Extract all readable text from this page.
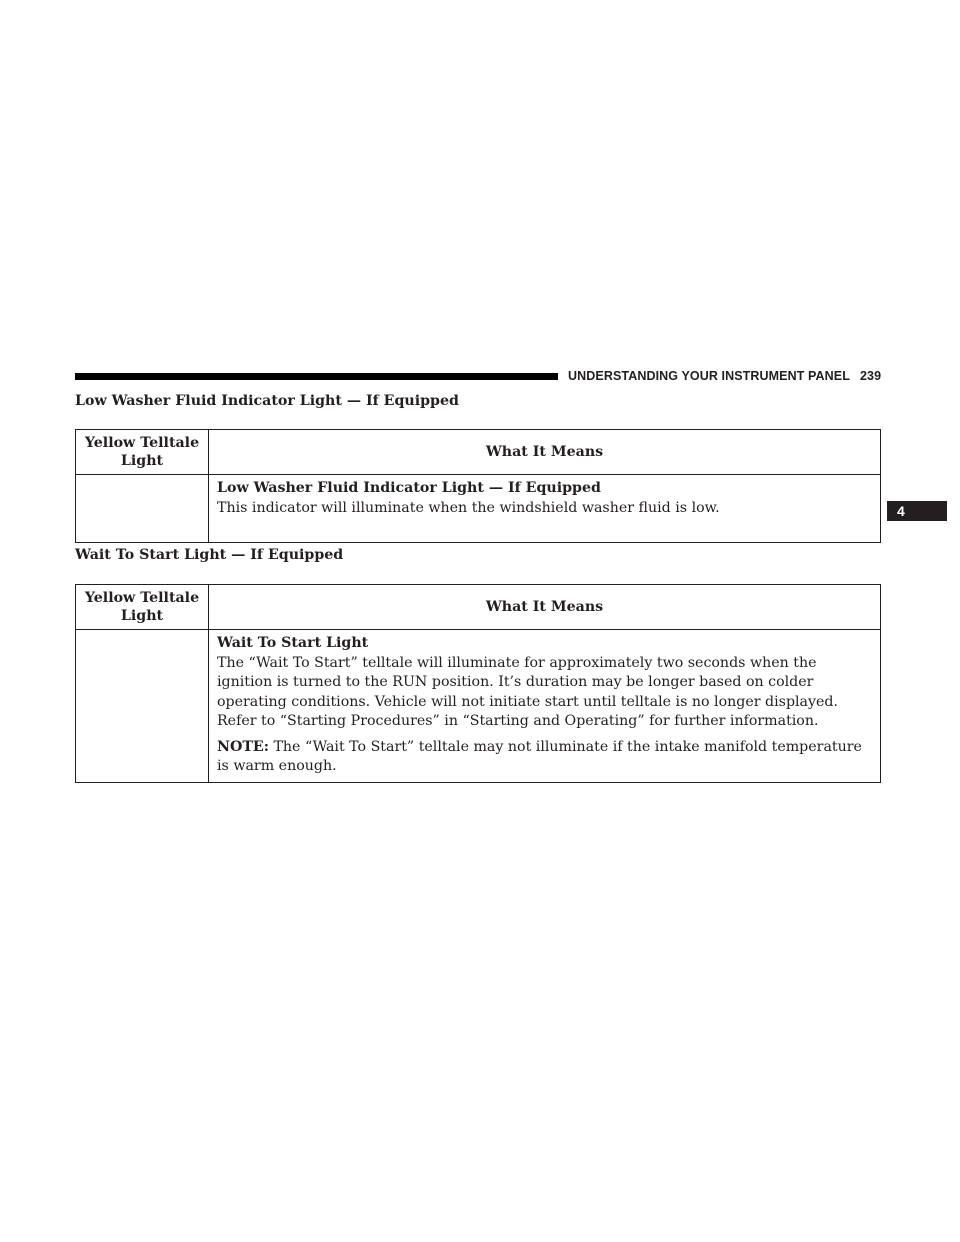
UNDERSTANDING YOUR INSTRUMENT PANEL 239
4
Low Washer Fluid Indicator Light — If Equipped
Yellow Telltale Light	What It Means

	Low Washer Fluid Indicator Light — If Equipped
This indicator will illuminate when the windshield washer fluid is low.
Wait To Start Light — If Equipped
Yellow Telltale Light	What It Means

	Wait To Start Light
The “Wait To Start” telltale will illuminate for approximately two seconds when the ignition is turned to the RUN position. It’s duration may be longer based on colder operating conditions. Vehicle will not initiate start until telltale is no longer displayed. Refer to “Starting Procedures” in “Starting and Operating” for further information.
NOTE: The “Wait To Start” telltale may not illuminate if the intake manifold temperature is warm enough.
